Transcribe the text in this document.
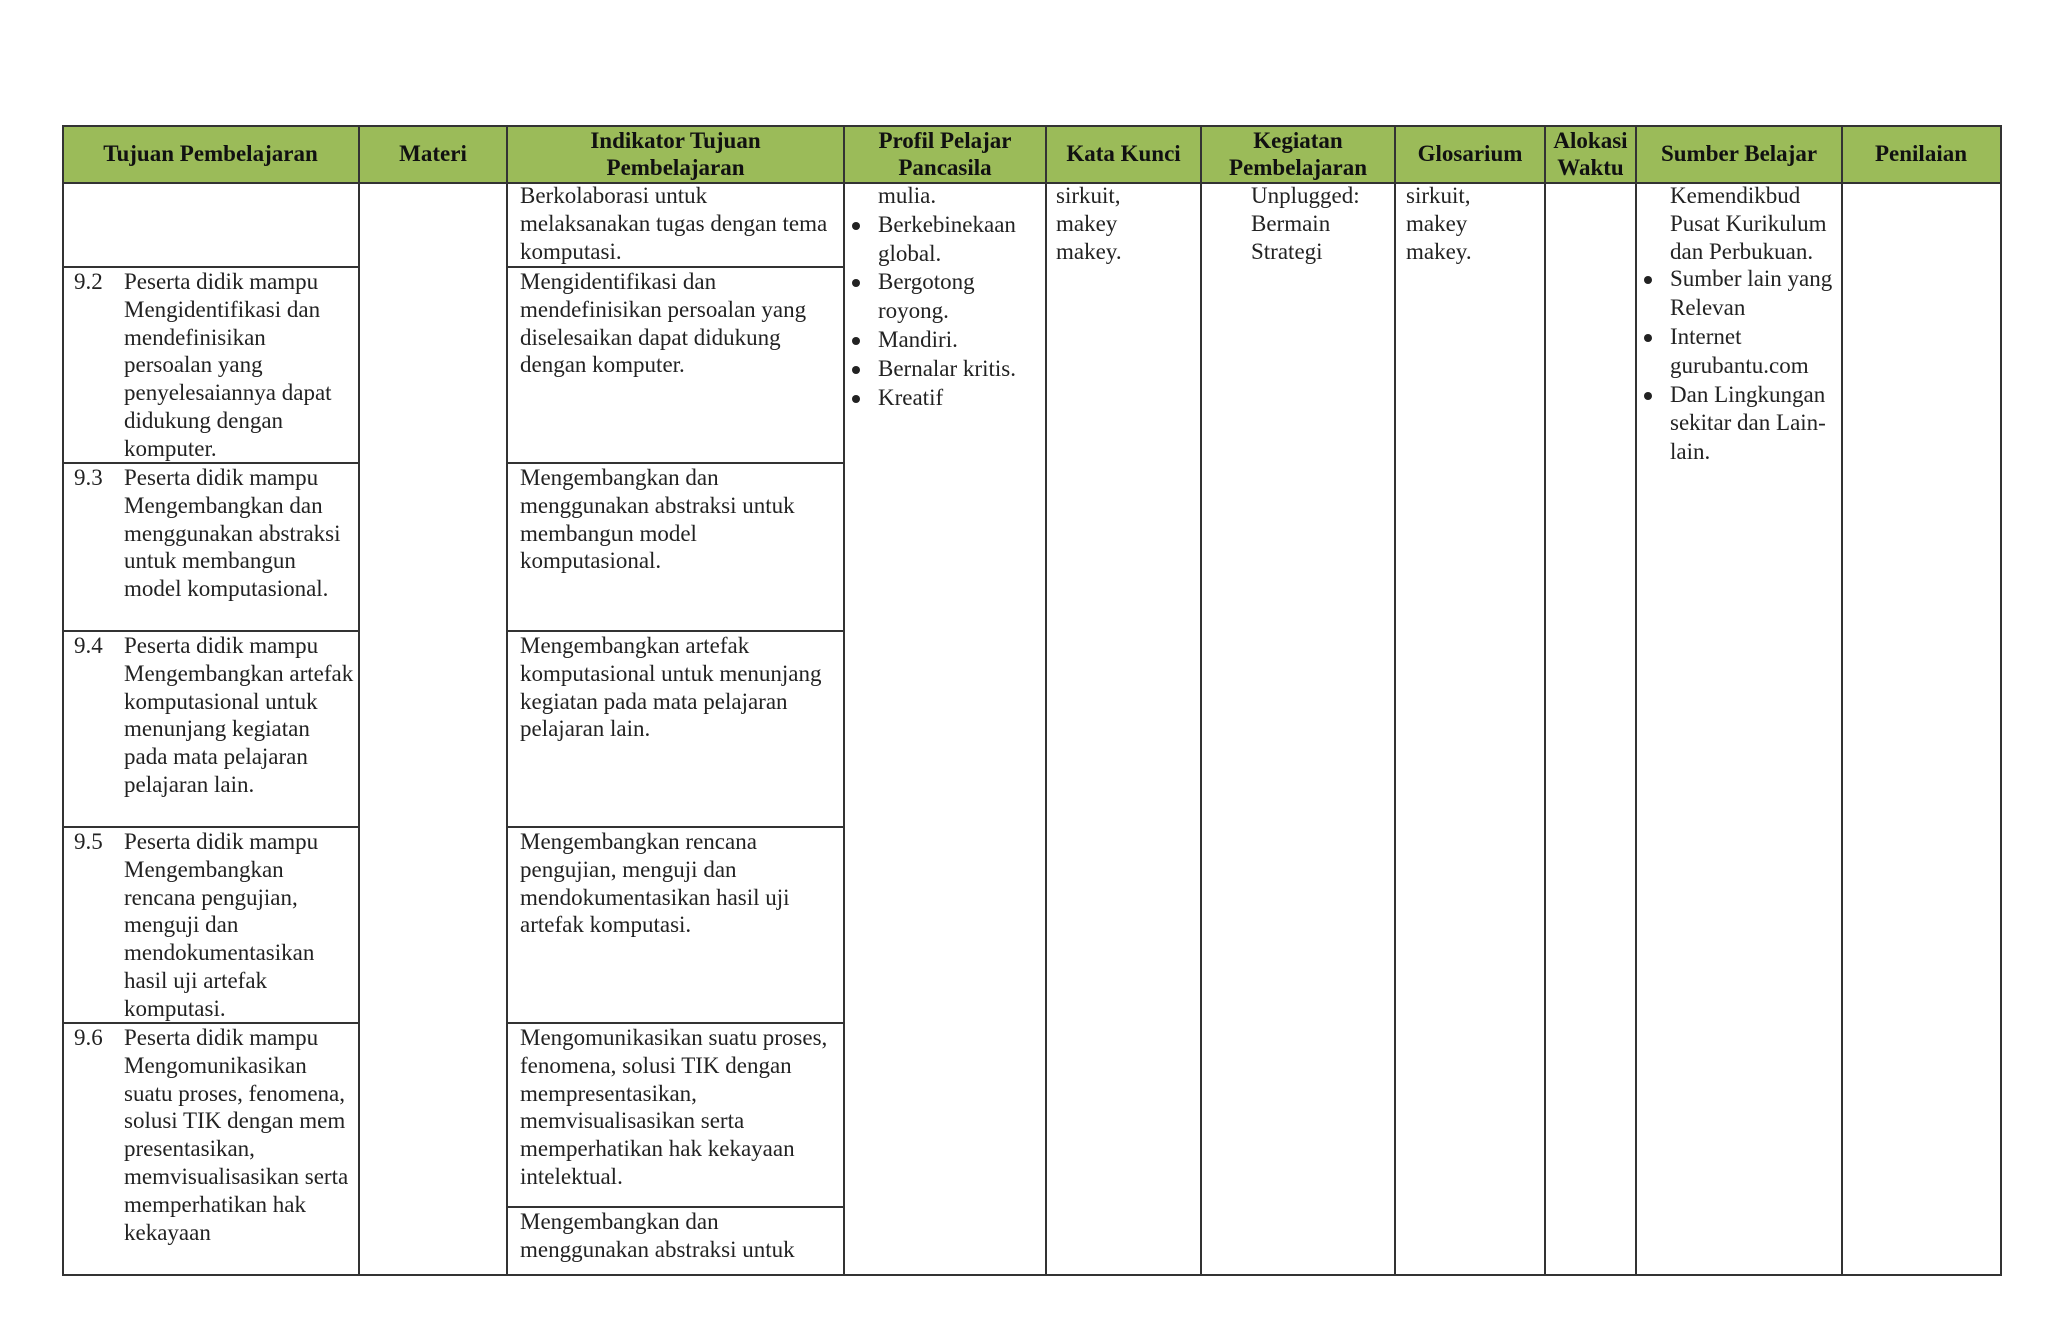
Tujuan Pembelajaran	Materi
Indikator Tujuan Pembelajaran
Profil Pelajar Pancasila
Kata Kunci
Kegiatan Pembelajaran
Glosarium
Alokasi Waktu
Sumber Belajar	Penilaian
9.2 Peserta didik mampu Mengidentifikasi dan mendefinisikan persoalan yang penyelesaiannya dapat didukung dengan komputer.
9.3 Peserta didik mampu Mengembangkan dan menggunakan abstraksi untuk membangun model komputasional.
9.4 Peserta didik mampu Mengembangkan artefak komputasional untuk menunjang kegiatan pada mata pelajaran pelajaran lain.
9.5 Peserta didik mampu Mengembangkan rencana pengujian, menguji dan mendokumentasikan hasil uji artefak komputasi.
9.6 Peserta didik mampu Mengomunikasikan suatu proses, fenomena, solusi TIK dengan mem presentasikan, memvisualisasikan serta memperhatikan hak kekayaan
Berkolaborasi untuk melaksanakan tugas dengan tema komputasi.
Mengidentifikasi dan mendefinisikan persoalan yang diselesaikan dapat didukung dengan komputer.
Mengembangkan dan menggunakan abstraksi untuk membangun model komputasional.
Mengembangkan artefak komputasional untuk menunjang kegiatan pada mata pelajaran pelajaran lain.
Mengembangkan rencana pengujian, menguji dan mendokumentasikan hasil uji artefak komputasi.
Mengomunikasikan suatu proses, fenomena, solusi TIK dengan mempresentasikan, memvisualisasikan serta memperhatikan hak kekayaan intelektual.
Mengembangkan dan menggunakan abstraksi untuk
mulia.
Berkebinekaan global.
Bergotong royong.
Mandiri.
Bernalar kritis.
Kreatif
sirkuit, makey makey.
Unplugged: Bermain Strategi
sirkuit, makey makey.
Kemendikbud Pusat Kurikulum dan Perbukuan.
Sumber lain yang Relevan
Internet gurubantu.com
Dan Lingkungan sekitar dan Lain-lain.
